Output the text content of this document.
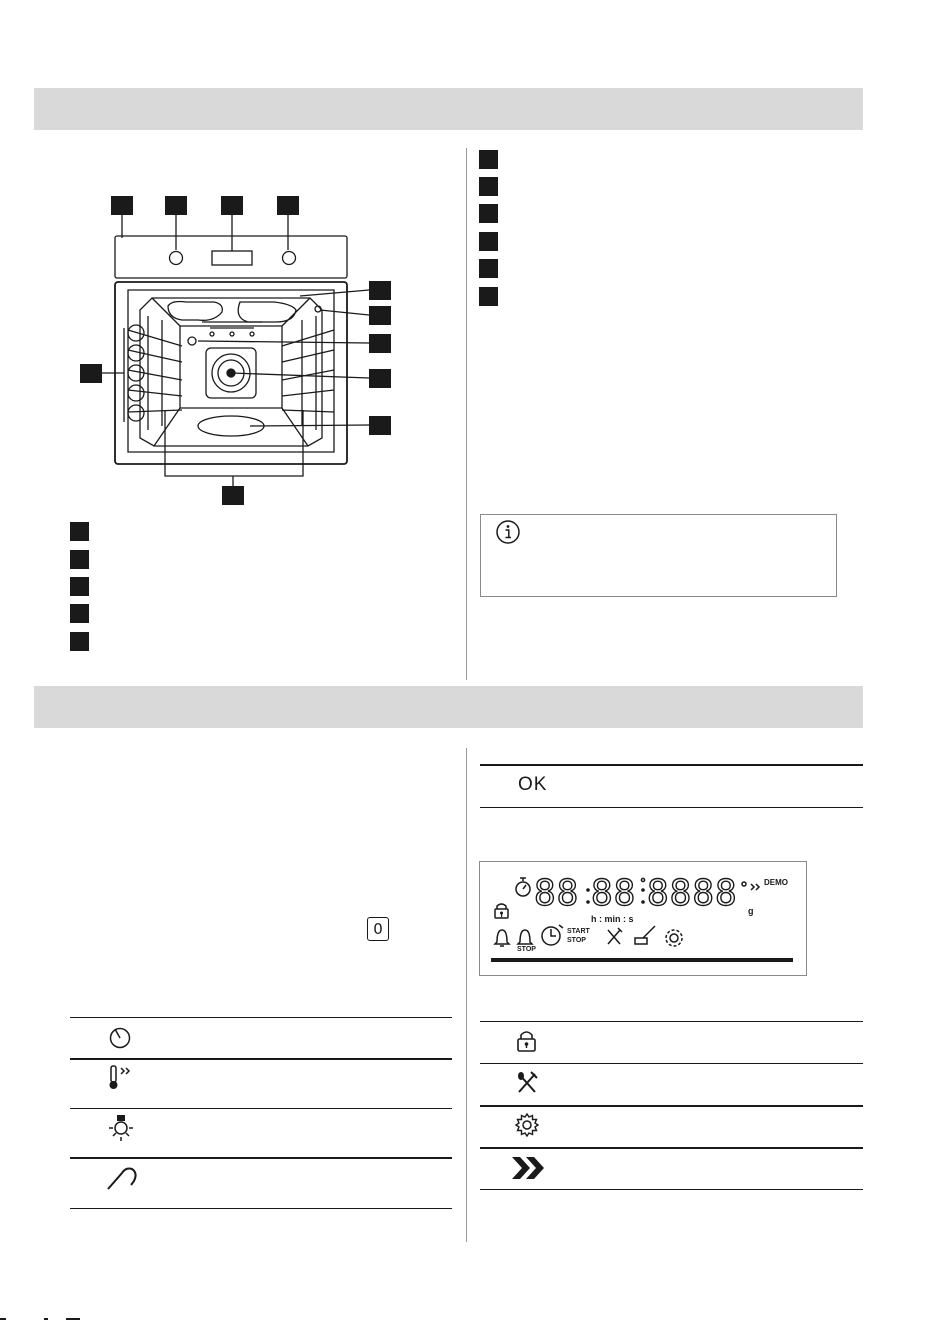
0
OK
88 88 8888
h : min : s
g
DEMO
START
STOP
STOP
